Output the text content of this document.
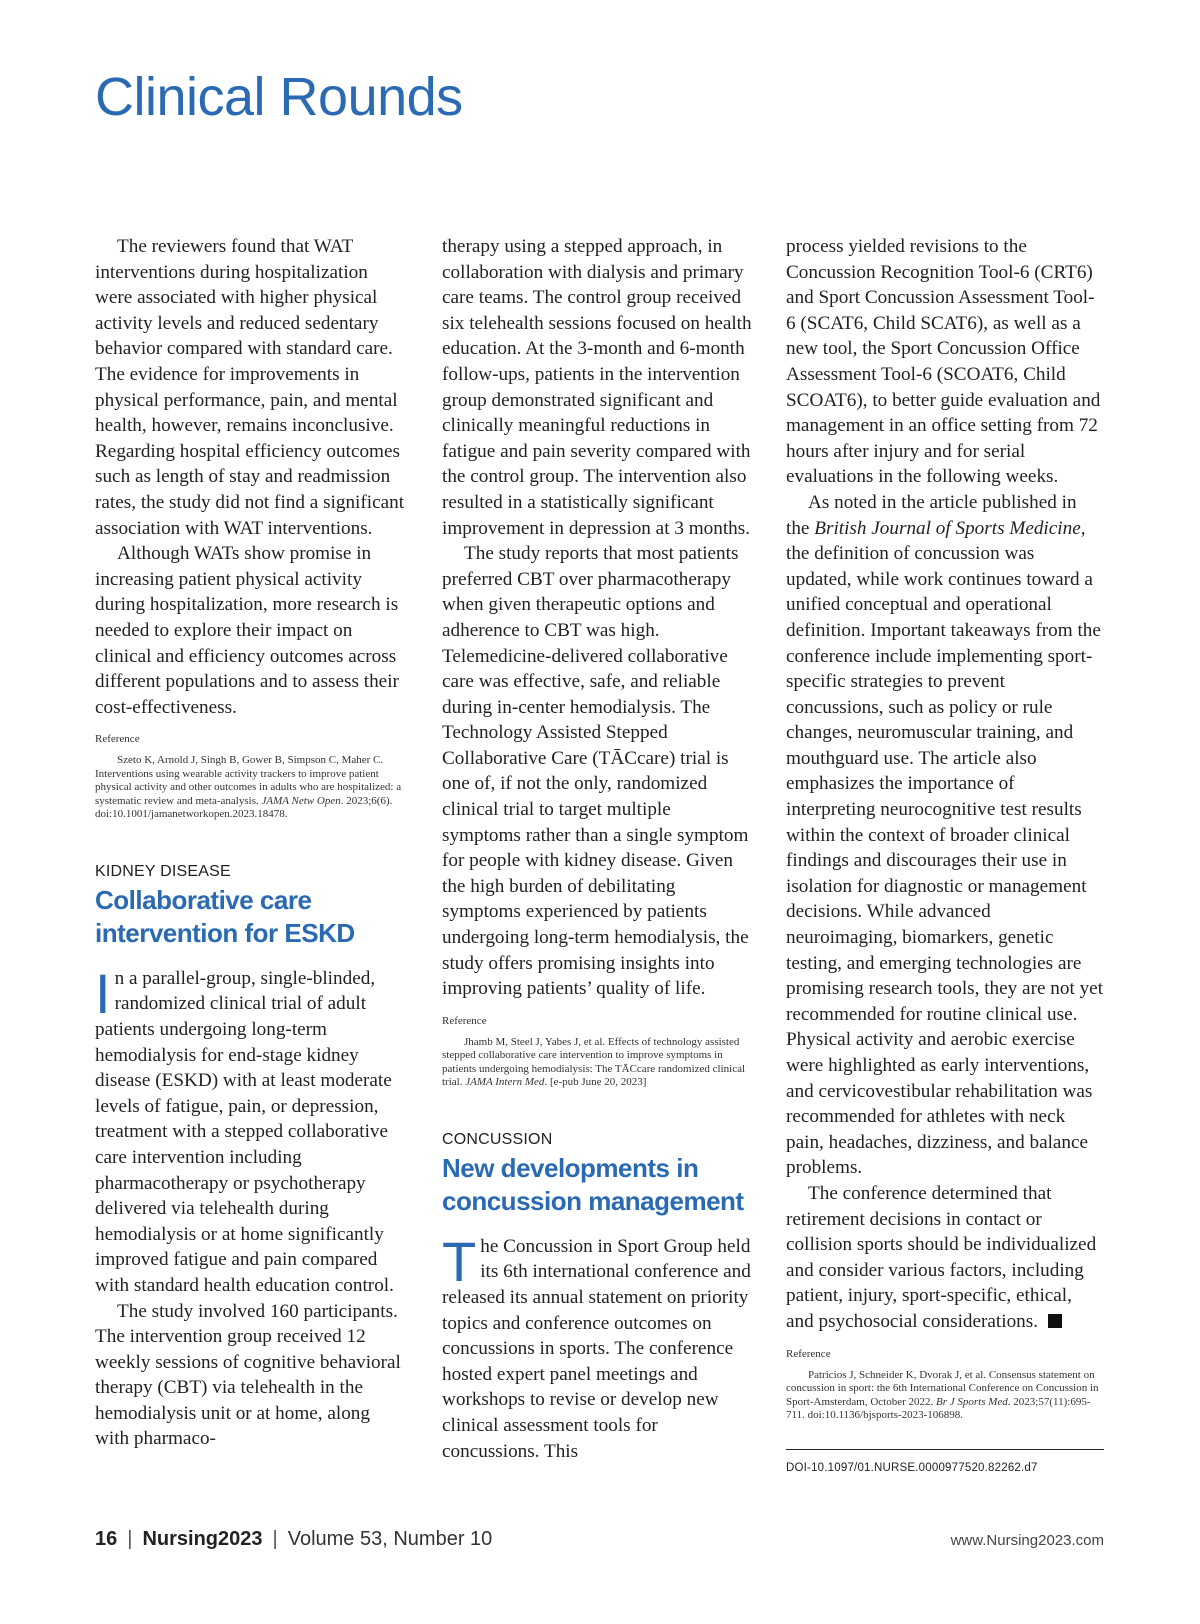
Clinical Rounds

The reviewers found that WAT interventions during hospitalization were associated with higher physical activity levels and reduced sedentary behavior compared with standard care. The evidence for improvements in physical performance, pain, and mental health, however, remains inconclusive. Regarding hospital efficiency outcomes such as length of stay and readmission rates, the study did not find a significant association with WAT interventions.

Although WATs show promise in increasing patient physical activity during hospitalization, more research is needed to explore their impact on clinical and efficiency outcomes across different populations and to assess their cost-effectiveness.

Reference

Szeto K, Arnold J, Singh B, Gower B, Simpson C, Maher C. Interventions using wearable activity trackers to improve patient physical activity and other outcomes in adults who are hospitalized: a systematic review and meta-analysis. JAMA Netw Open. 2023;6(6). doi:10.1001/jamanetworkopen.2023.18478.

KIDNEY DISEASE
Collaborative care intervention for ESKD

In a parallel-group, single-blinded, randomized clinical trial of adult patients undergoing long-term hemodialysis for end-stage kidney disease (ESKD) with at least moderate levels of fatigue, pain, or depression, treatment with a stepped collaborative care intervention including pharmacotherapy or psychotherapy delivered via telehealth during hemodialysis or at home significantly improved fatigue and pain compared with standard health education control.

The study involved 160 participants. The intervention group received 12 weekly sessions of cognitive behavioral therapy (CBT) via telehealth in the hemodialysis unit or at home, along with pharmaco-

therapy using a stepped approach, in collaboration with dialysis and primary care teams. The control group received six telehealth sessions focused on health education. At the 3-month and 6-month follow-ups, patients in the intervention group demonstrated significant and clinically meaningful reductions in fatigue and pain severity compared with the control group. The intervention also resulted in a statistically significant improvement in depression at 3 months.

The study reports that most patients preferred CBT over pharmacotherapy when given therapeutic options and adherence to CBT was high. Telemedicine-delivered collaborative care was effective, safe, and reliable during in-center hemodialysis. The Technology Assisted Stepped Collaborative Care (TĀCcare) trial is one of, if not the only, randomized clinical trial to target multiple symptoms rather than a single symptom for people with kidney disease. Given the high burden of debilitating symptoms experienced by patients undergoing long-term hemodialysis, the study offers promising insights into improving patients’ quality of life.

Reference

Jhamb M, Steel J, Yabes J, et al. Effects of technology assisted stepped collaborative care intervention to improve symptoms in patients undergoing hemodialysis: The TĀCcare randomized clinical trial. JAMA Intern Med. [e-pub June 20, 2023]

CONCUSSION
New developments in concussion management

The Concussion in Sport Group held its 6th international conference and released its annual statement on priority topics and conference outcomes on concussions in sports. The conference hosted expert panel meetings and workshops to revise or develop new clinical assessment tools for concussions. This

process yielded revisions to the Concussion Recognition Tool-6 (CRT6) and Sport Concussion Assessment Tool-6 (SCAT6, Child SCAT6), as well as a new tool, the Sport Concussion Office Assessment Tool-6 (SCOAT6, Child SCOAT6), to better guide evaluation and management in an office setting from 72 hours after injury and for serial evaluations in the following weeks.

As noted in the article published in the British Journal of Sports Medicine, the definition of concussion was updated, while work continues toward a unified conceptual and operational definition. Important takeaways from the conference include implementing sport-specific strategies to prevent concussions, such as policy or rule changes, neuromuscular training, and mouthguard use. The article also emphasizes the importance of interpreting neurocognitive test results within the context of broader clinical findings and discourages their use in isolation for diagnostic or management decisions. While advanced neuroimaging, biomarkers, genetic testing, and emerging technologies are promising research tools, they are not yet recommended for routine clinical use. Physical activity and aerobic exercise were highlighted as early interventions, and cervicovestibular rehabilitation was recommended for athletes with neck pain, headaches, dizziness, and balance problems.

The conference determined that retirement decisions in contact or collision sports should be individualized and consider various factors, including patient, injury, sport-specific, ethical, and psychosocial considerations.

Reference

Patricios J, Schneider K, Dvorak J, et al. Consensus statement on concussion in sport: the 6th International Conference on Concussion in Sport-Amsterdam, October 2022. Br J Sports Med. 2023;57(11):695-711. doi:10.1136/bjsports-2023-106898.

DOI-10.1097/01.NURSE.0000977520.82262.d7
16 | Nursing2023 | Volume 53, Number 10	www.Nursing2023.com
